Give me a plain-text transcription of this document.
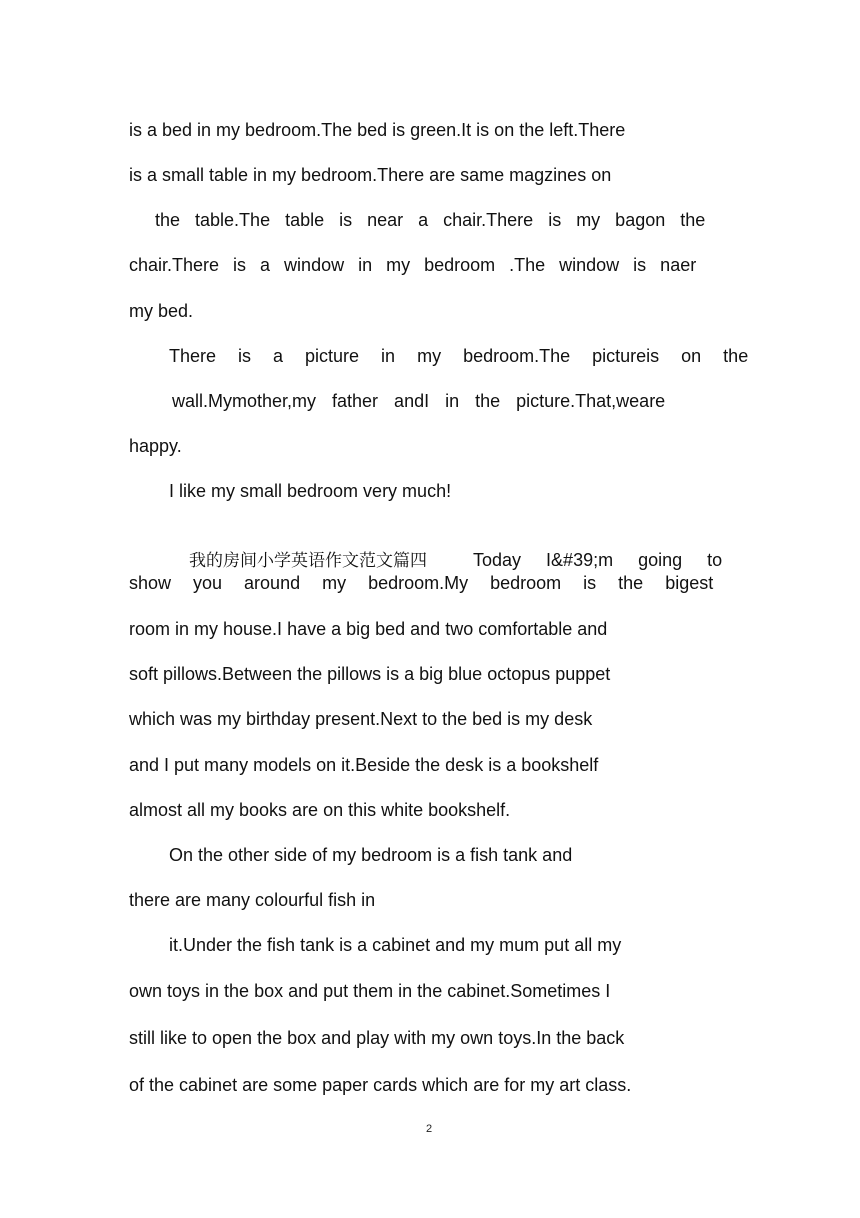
is a bed in my bedroom.The bed is green.It is on the left.There

is a small table in my bedroom.There are same magzines on

the table.The table is near a chair.There is my bagon the

chair.There is a window in my bedroom .The window is naer

my bed.

There is a picture in my bedroom.The pictureis on the

wall.Mymother,my father andI in the picture.That,weare

happy.

I like my small bedroom very much!

我的房间小学英语作文范文篇四	Today I&#39;m going to

show you around my bedroom.My bedroom is the bigest

room in my house.I have a big bed and two comfortable and

soft pillows.Between the pillows is a big blue octopus puppet

which was my birthday present.Next to the bed is my desk

and I put many models on it.Beside the desk is a bookshelf

almost all my books are on this white bookshelf.

On the other side of my bedroom is a fish tank and

there are many colourful fish in

it.Under the fish tank is a cabinet and my mum put all my

own toys in the box and put them in the cabinet.Sometimes I

still like to open the box and play with my own toys.In the back

of the cabinet are some paper cards which are for my art class.

2
